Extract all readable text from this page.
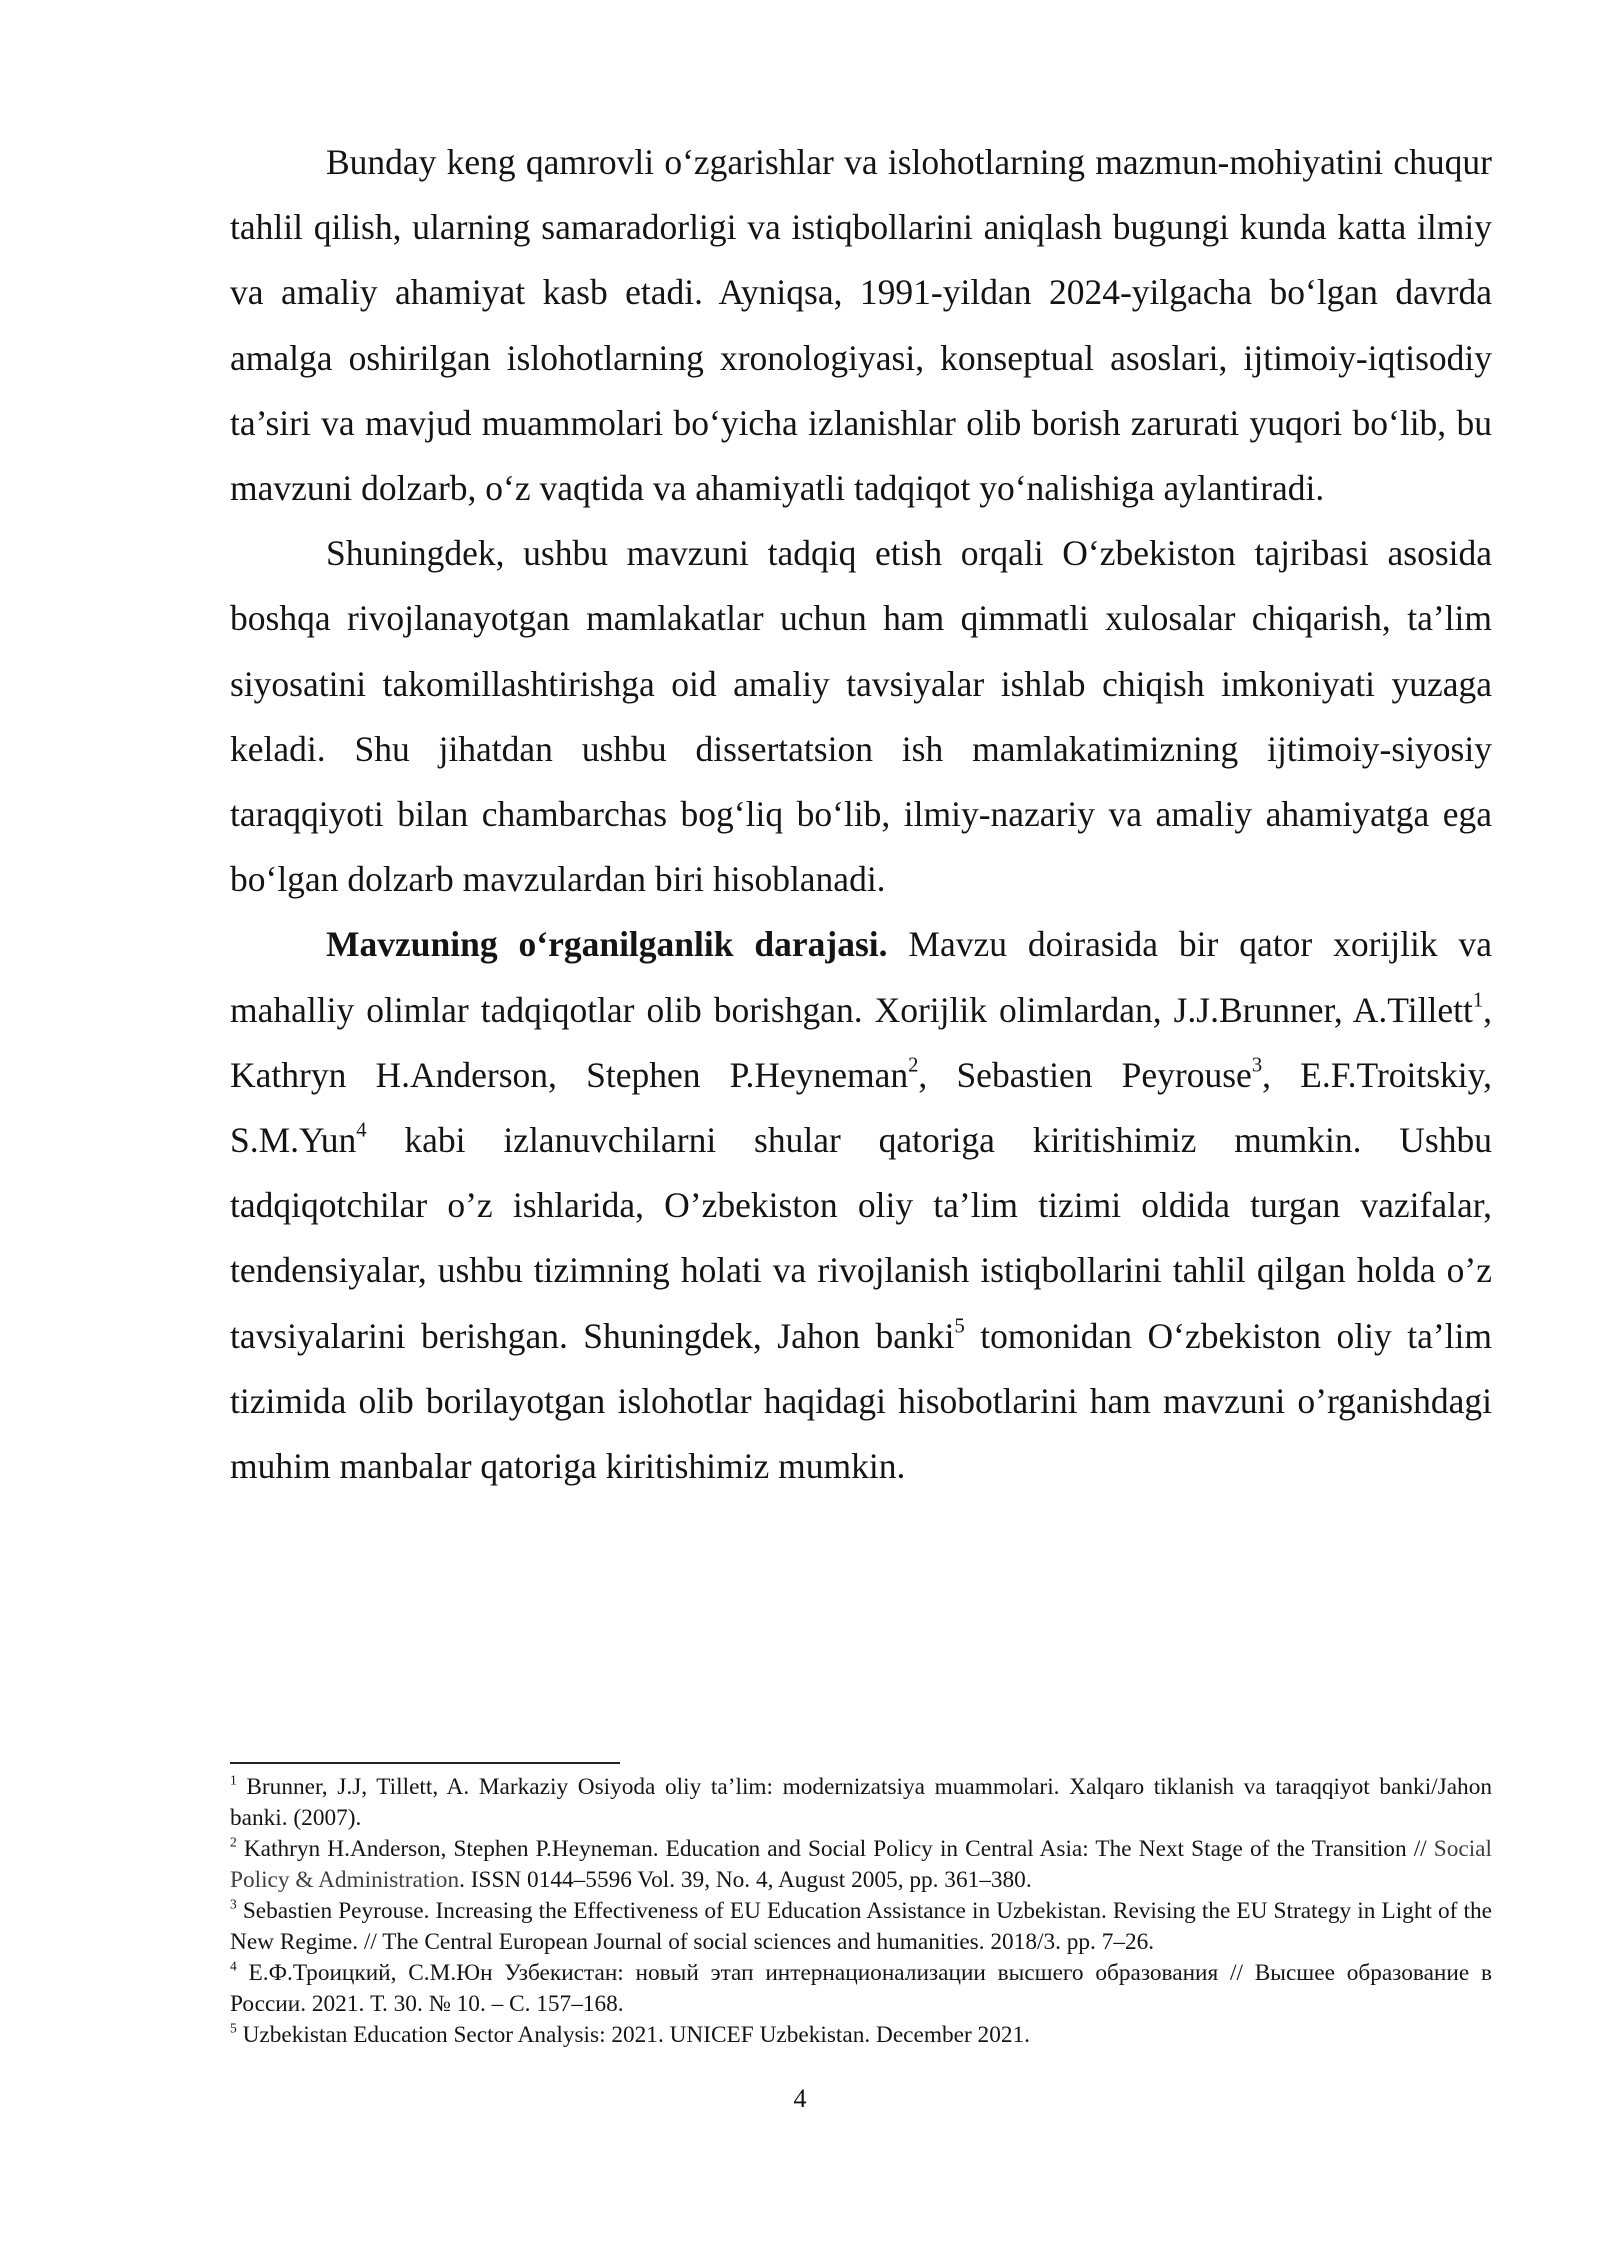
Bunday keng qamrovli o‘zgarishlar va islohotlarning mazmun-mohiyatini chuqur tahlil qilish, ularning samaradorligi va istiqbollarini aniqlash bugungi kunda katta ilmiy va amaliy ahamiyat kasb etadi. Ayniqsa, 1991-yildan 2024-yilgacha bo‘lgan davrda amalga oshirilgan islohotlarning xronologiyasi, konseptual asoslari, ijtimoiy-iqtisodiy ta’siri va mavjud muammolari bo‘yicha izlanishlar olib borish zarurati yuqori bo‘lib, bu mavzuni dolzarb, o‘z vaqtida va ahamiyatli tadqiqot yo‘nalishiga aylantiradi.

Shuningdek, ushbu mavzuni tadqiq etish orqali O‘zbekiston tajribasi asosida boshqa rivojlanayotgan mamlakatlar uchun ham qimmatli xulosalar chiqarish, ta’lim siyosatini takomillashtirishga oid amaliy tavsiyalar ishlab chiqish imkoniyati yuzaga keladi. Shu jihatdan ushbu dissertatsion ish mamlakatimizning ijtimoiy-siyosiy taraqqiyoti bilan chambarchas bog‘liq bo‘lib, ilmiy-nazariy va amaliy ahamiyatga ega bo‘lgan dolzarb mavzulardan biri hisoblanadi.

Mavzuning o‘rganilganlik darajasi. Mavzu doirasida bir qator xorijlik va mahalliy olimlar tadqiqotlar olib borishgan. Xorijlik olimlardan, J.J.Brunner, A.Tillett$^1$, Kathryn H.Anderson, Stephen P.Heyneman$^2$, Sebastien Peyrouse$^3$, E.F.Troitskiy, S.M.Yun$^4$ kabi izlanuvchilarni shular qatoriga kiritishimiz mumkin. Ushbu tadqiqotchilar o’z ishlarida, O’zbekiston oliy ta’lim tizimi oldida turgan vazifalar, tendensiyalar, ushbu tizimning holati va rivojlanish istiqbollarini tahlil qilgan holda o’z tavsiyalarini berishgan. Shuningdek, Jahon banki$^5$ tomonidan O‘zbekiston oliy ta’lim tizimida olib borilayotgan islohotlar haqidagi hisobotlarini ham mavzuni o’rganishdagi muhim manbalar qatoriga kiritishimiz mumkin.

$^1$ Brunner, J.J, Tillett, A. Markaziy Osiyoda oliy ta’lim: modernizatsiya muammolari. Xalqaro tiklanish va taraqqiyot banki/Jahon banki. (2007).

$^2$ Kathryn H.Anderson, Stephen P.Heyneman. Education and Social Policy in Central Asia: The Next Stage of the Transition // Social Policy & Administration. ISSN 0144–5596 Vol. 39, No. 4, August 2005, pp. 361–380.

$^3$ Sebastien Peyrouse. Increasing the Effectiveness of EU Education Assistance in Uzbekistan. Revising the EU Strategy in Light of the New Regime. // The Central European Journal of social sciences and humanities. 2018/3. pp. 7–26.

$^4$ Е.Ф.Троицкий, С.М.Юн Узбекистан: новый этап интернационализации высшего образования // Высшее образование в России. 2021. Т. 30. № 10. – С. 157–168.

$^5$ Uzbekistan Education Sector Analysis: 2021. UNICEF Uzbekistan. December 2021.

4
